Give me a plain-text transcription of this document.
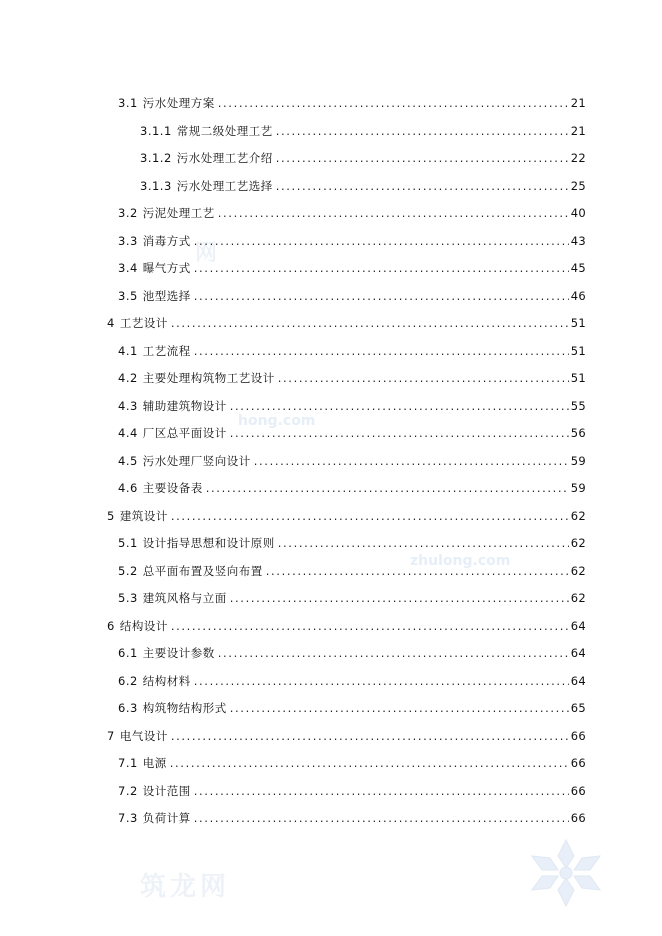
网
hong.com
zhulong.com
筑龙网
3.1 污水处理方案 .....	21
3.1.1 常规二级处理工艺 .....	21
3.1.2 污水处理工艺介绍 .....	22
3.1.3 污水处理工艺选择 .....	25
3.2 污泥处理工艺 .....	40
3.3 消毒方式 .....	43
3.4 曝气方式 .....	45
3.5 池型选择 .....	46
4 工艺设计 .....	51
4.1 工艺流程 .....	51
4.2 主要处理构筑物工艺设计 .....	51
4.3 辅助建筑物设计 .....	55
4.4 厂区总平面设计 .....	56
4.5 污水处理厂竖向设计 .....	59
4.6 主要设备表 .....	59
5 建筑设计 .....	62
5.1 设计指导思想和设计原则 .....	62
5.2 总平面布置及竖向布置 .....	62
5.3 建筑风格与立面 .....	62
6 结构设计 .....	64
6.1 主要设计参数 .....	64
6.2 结构材料 .....	64
6.3 构筑物结构形式 .....	65
7 电气设计 .....	66
7.1 电源 .....	66
7.2 设计范围 .....	66
7.3 负荷计算 .....	66
